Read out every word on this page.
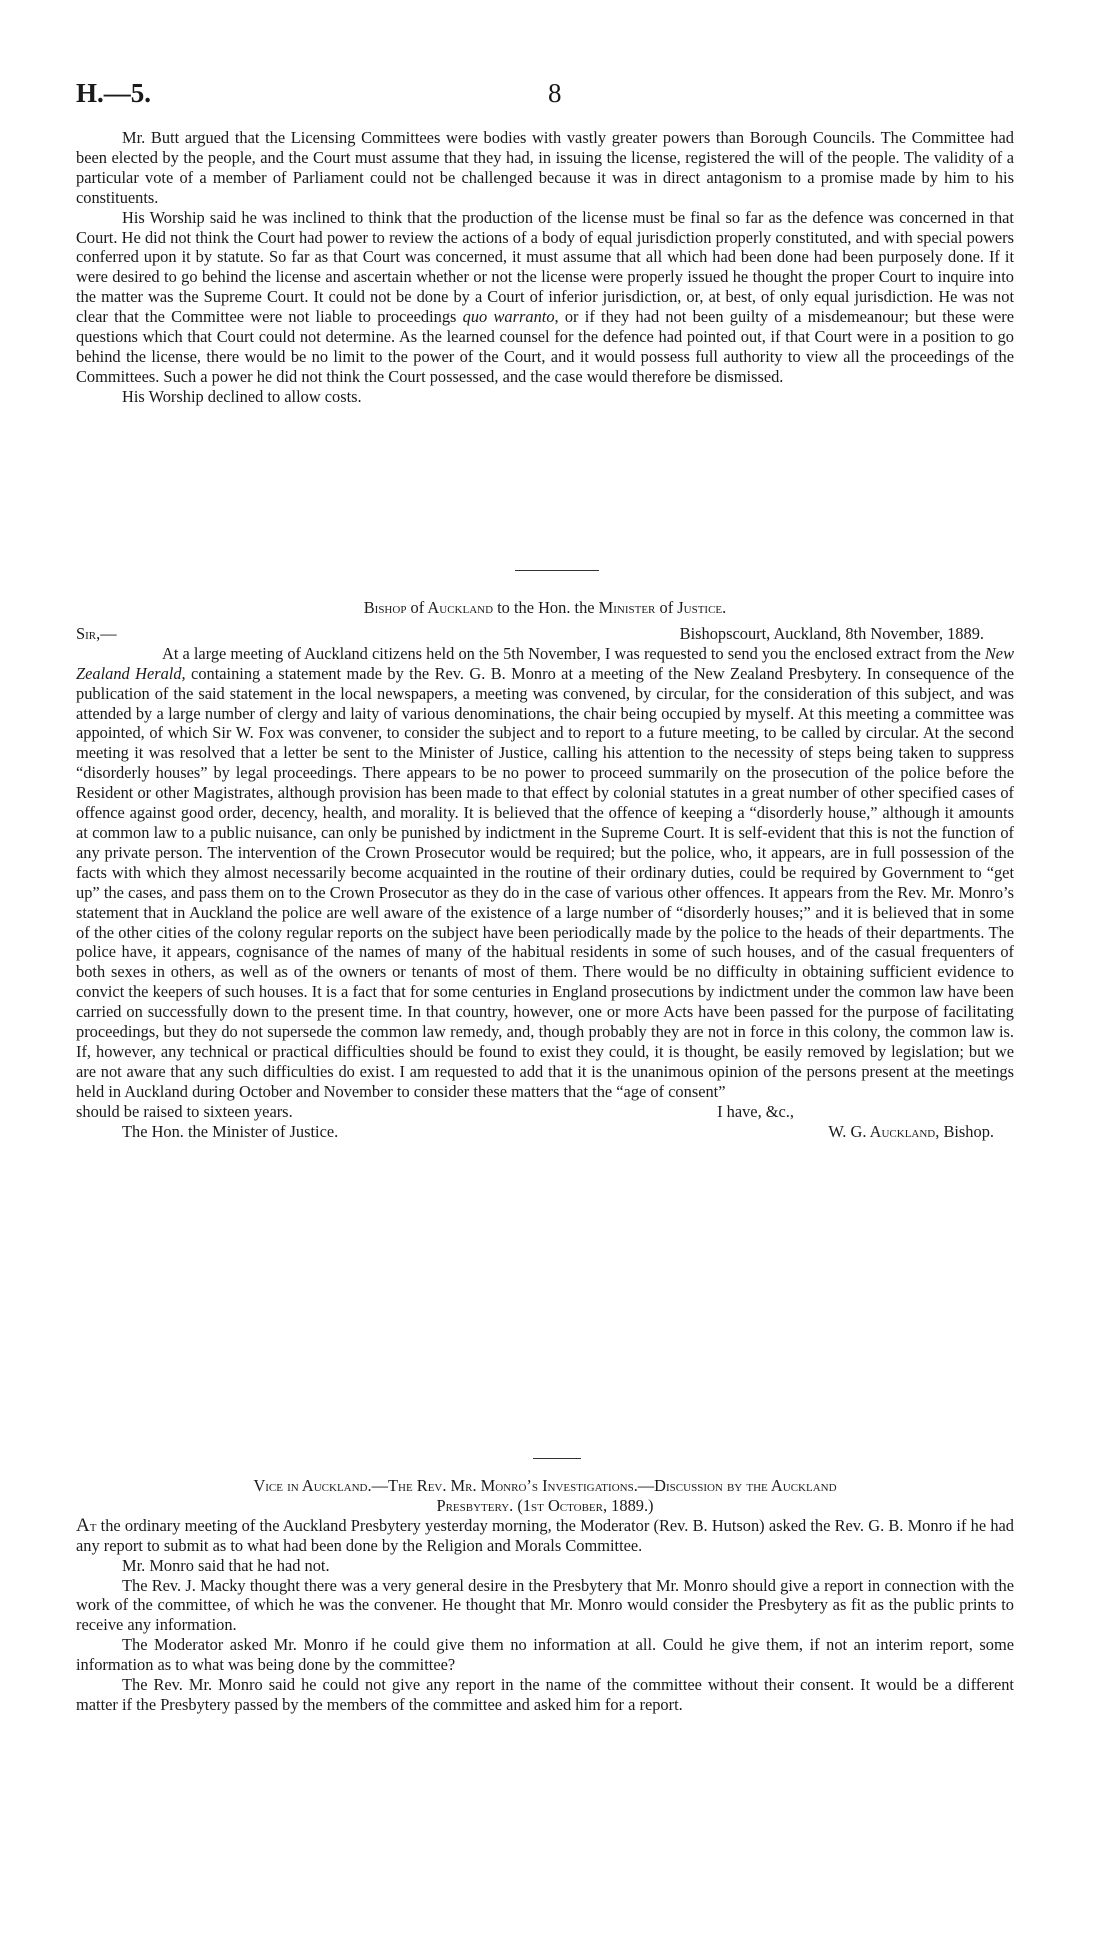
H.—5.	8

Mr. Butt argued that the Licensing Committees were bodies with vastly greater powers than Borough Councils. The Committee had been elected by the people, and the Court must assume that they had, in issuing the license, registered the will of the people. The validity of a particular vote of a member of Parliament could not be challenged because it was in direct antagonism to a promise made by him to his constituents.

His Worship said he was inclined to think that the production of the license must be final so far as the defence was concerned in that Court. He did not think the Court had power to review the actions of a body of equal jurisdiction properly constituted, and with special powers conferred upon it by statute. So far as that Court was concerned, it must assume that all which had been done had been purposely done. If it were desired to go behind the license and ascertain whether or not the license were properly issued he thought the proper Court to inquire into the matter was the Supreme Court. It could not be done by a Court of inferior jurisdiction, or, at best, of only equal jurisdiction. He was not clear that the Committee were not liable to proceedings quo warranto, or if they had not been guilty of a misdemeanour; but these were questions which that Court could not determine. As the learned counsel for the defence had pointed out, if that Court were in a position to go behind the license, there would be no limit to the power of the Court, and it would possess full authority to view all the proceedings of the Committees. Such a power he did not think the Court possessed, and the case would therefore be dismissed.

His Worship declined to allow costs.

Bishop of Auckland to the Hon. the Minister of Justice.
Sir,—	Bishopscourt, Auckland, 8th November, 1889.

At a large meeting of Auckland citizens held on the 5th November, I was requested to send you the enclosed extract from the New Zealand Herald, containing a statement made by the Rev. G. B. Monro at a meeting of the New Zealand Presbytery. In consequence of the publication of the said statement in the local newspapers, a meeting was convened, by circular, for the consideration of this subject, and was attended by a large number of clergy and laity of various denominations, the chair being occupied by myself. At this meeting a committee was appointed, of which Sir W. Fox was convener, to consider the subject and to report to a future meeting, to be called by circular. At the second meeting it was resolved that a letter be sent to the Minister of Justice, calling his attention to the necessity of steps being taken to suppress “disorderly houses” by legal proceedings. There appears to be no power to proceed summarily on the prosecution of the police before the Resident or other Magistrates, although provision has been made to that effect by colonial statutes in a great number of other specified cases of offence against good order, decency, health, and morality. It is believed that the offence of keeping a “disorderly house,” although it amounts at common law to a public nuisance, can only be punished by indictment in the Supreme Court. It is self-evident that this is not the function of any private person. The intervention of the Crown Prosecutor would be required; but the police, who, it appears, are in full possession of the facts with which they almost necessarily become acquainted in the routine of their ordinary duties, could be required by Government to “get up” the cases, and pass them on to the Crown Prosecutor as they do in the case of various other offences. It appears from the Rev. Mr. Monro’s statement that in Auckland the police are well aware of the existence of a large number of “disorderly houses;” and it is believed that in some of the other cities of the colony regular reports on the subject have been periodically made by the police to the heads of their departments. The police have, it appears, cognisance of the names of many of the habitual residents in some of such houses, and of the casual frequenters of both sexes in others, as well as of the owners or tenants of most of them. There would be no difficulty in obtaining sufficient evidence to convict the keepers of such houses. It is a fact that for some centuries in England prosecutions by indictment under the common law have been carried on successfully down to the present time. In that country, however, one or more Acts have been passed for the purpose of facilitating proceedings, but they do not supersede the common law remedy, and, though probably they are not in force in this colony, the common law is. If, however, any technical or practical difficulties should be found to exist they could, it is thought, be easily removed by legislation; but we are not aware that any such difficulties do exist. I am requested to add that it is the unanimous opinion of the persons present at the meetings held in Auckland during October and November to consider these matters that the “age of consent”

should be raised to sixteen years.	I have, &c.,
The Hon. the Minister of Justice.	W. G. Auckland, Bishop.
Vice in Auckland.—The Rev. Mr. Monro’s Investigations.—Discussion by the Auckland
Presbytery. (1st October, 1889.)

At the ordinary meeting of the Auckland Presbytery yesterday morning, the Moderator (Rev. B. Hutson) asked the Rev. G. B. Monro if he had any report to submit as to what had been done by the Religion and Morals Committee.

Mr. Monro said that he had not.

The Rev. J. Macky thought there was a very general desire in the Presbytery that Mr. Monro should give a report in connection with the work of the committee, of which he was the convener. He thought that Mr. Monro would consider the Presbytery as fit as the public prints to receive any information.

The Moderator asked Mr. Monro if he could give them no information at all. Could he give them, if not an interim report, some information as to what was being done by the committee?

The Rev. Mr. Monro said he could not give any report in the name of the committee without their consent. It would be a different matter if the Presbytery passed by the members of the committee and asked him for a report.
